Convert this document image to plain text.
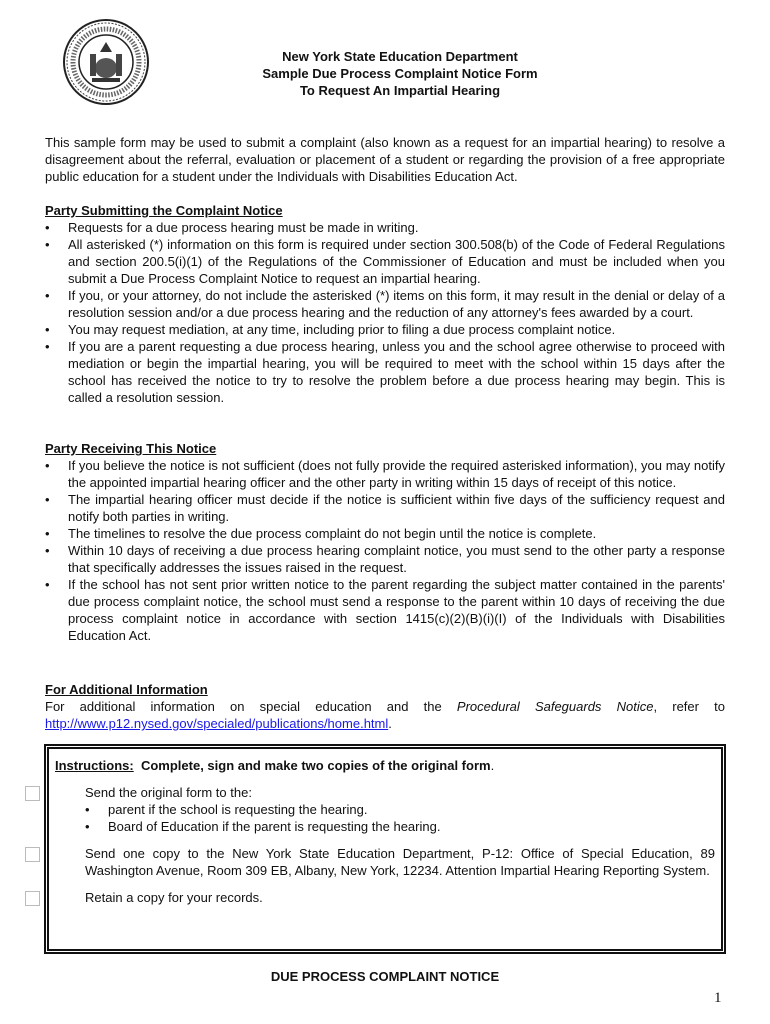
New York State Education Department
Sample Due Process Complaint Notice Form
To Request An Impartial Hearing
This sample form may be used to submit a complaint (also known as a request for an impartial hearing) to resolve a disagreement about the referral, evaluation or placement of a student or regarding the provision of a free appropriate public education for a student under the Individuals with Disabilities Education Act.
Party Submitting the Complaint Notice
• Requests for a due process hearing must be made in writing.
• All asterisked (*) information on this form is required under section 300.508(b) of the Code of Federal Regulations and section 200.5(i)(1) of the Regulations of the Commissioner of Education and must be included when you submit a Due Process Complaint Notice to request an impartial hearing.
• If you, or your attorney, do not include the asterisked (*) items on this form, it may result in the denial or delay of a resolution session and/or a due process hearing and the reduction of any attorney's fees awarded by a court.
• You may request mediation, at any time, including prior to filing a due process complaint notice.
• If you are a parent requesting a due process hearing, unless you and the school agree otherwise to proceed with mediation or begin the impartial hearing, you will be required to meet with the school within 15 days after the school has received the notice to try to resolve the problem before a due process hearing may begin. This is called a resolution session.
Party Receiving This Notice
• If you believe the notice is not sufficient (does not fully provide the required asterisked information), you may notify the appointed impartial hearing officer and the other party in writing within 15 days of receipt of this notice.
• The impartial hearing officer must decide if the notice is sufficient within five days of the sufficiency request and notify both parties in writing.
• The timelines to resolve the due process complaint do not begin until the notice is complete.
• Within 10 days of receiving a due process hearing complaint notice, you must send to the other party a response that specifically addresses the issues raised in the request.
• If the school has not sent prior written notice to the parent regarding the subject matter contained in the parents' due process complaint notice, the school must send a response to the parent within 10 days of receiving the due process complaint notice in accordance with section 1415(c)(2)(B)(i)(I) of the Individuals with Disabilities Education Act.
For Additional Information
For additional information on special education and the Procedural Safeguards Notice, refer to http://www.p12.nysed.gov/specialed/publications/home.html.
Instructions: Complete, sign and make two copies of the original form.
Send the original form to the:
• parent if the school is requesting the hearing.
• Board of Education if the parent is requesting the hearing.
Send one copy to the New York State Education Department, P-12: Office of Special Education, 89 Washington Avenue, Room 309 EB, Albany, New York, 12234. Attention Impartial Hearing Reporting System.
Retain a copy for your records.
DUE PROCESS COMPLAINT NOTICE
1
